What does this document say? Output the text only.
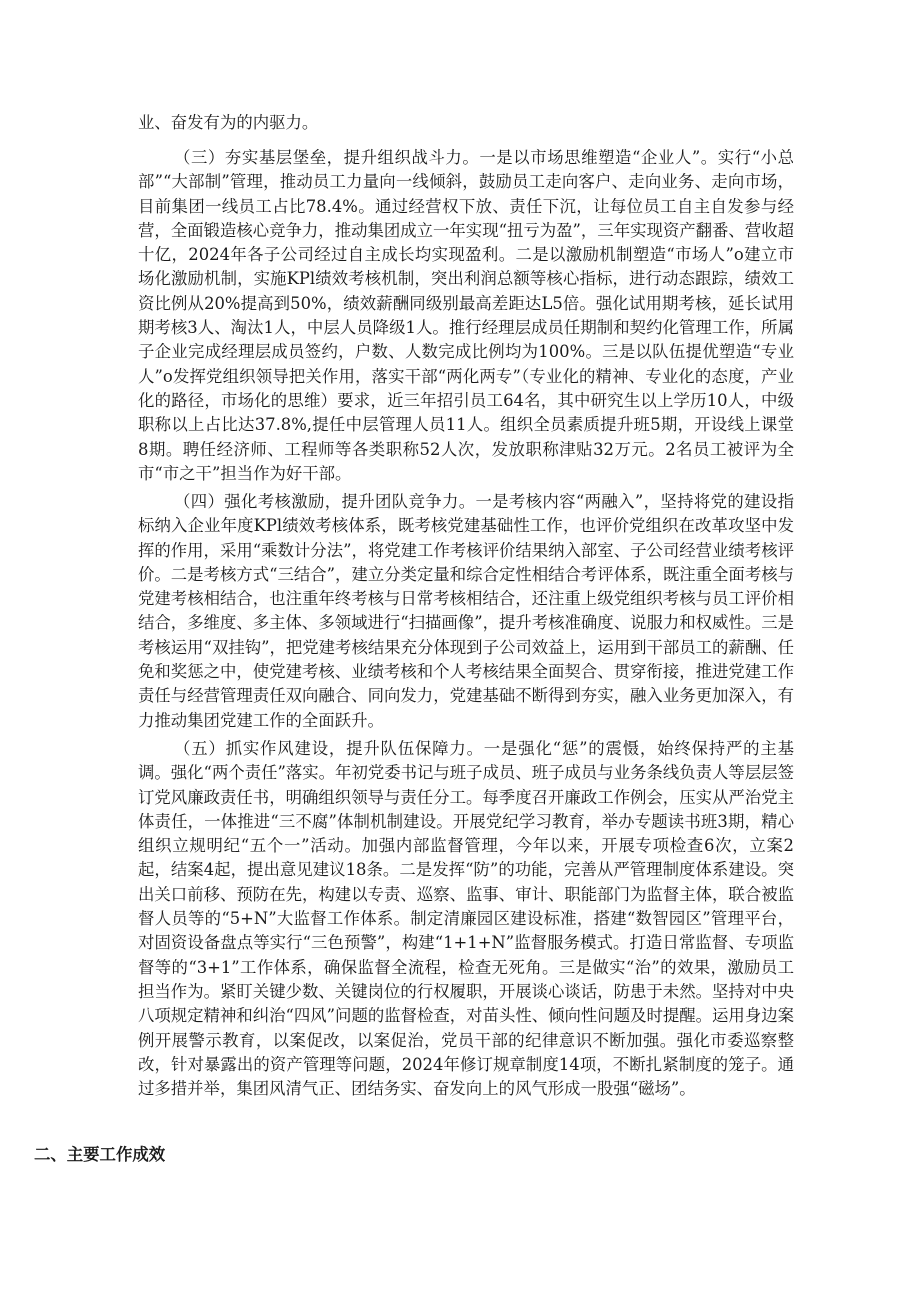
业、奋发有为的内驱力。

（三）夯实基层堡垒，提升组织战斗力。一是以市场思维塑造“企业人”。实行“小总部”“大部制”管理，推动员工力量向一线倾斜，鼓励员工走向客户、走向业务、走向市场，目前集团一线员工占比78.4%。通过经营权下放、责任下沉，让每位员工自主自发参与经营，全面锻造核心竞争力，推动集团成立一年实现“扭亏为盈”，三年实现资产翻番、营收超十亿，2024年各子公司经过自主成长均实现盈利。二是以激励机制塑造“市场人”o建立市场化激励机制，实施KPl绩效考核机制，突出利润总额等核心指标，进行动态跟踪，绩效工资比例从20%提高到50%，绩效薪酬同级别最高差距达L5倍。强化试用期考核，延长试用期考核3人、淘汰1人，中层人员降级1人。推行经理层成员任期制和契约化管理工作，所属子企业完成经理层成员签约，户数、人数完成比例均为100%。三是以队伍提优塑造“专业人”o发挥党组织领导把关作用，落实干部“两化两专”（专业化的精神、专业化的态度，产业化的路径，市场化的思维）要求，近三年招引员工64名，其中研究生以上学历10人，中级职称以上占比达37.8%,提任中层管理人员11人。组织全员素质提升班5期，开设线上课堂8期。聘任经济师、工程师等各类职称52人次，发放职称津贴32万元。2名员工被评为全市“市之干”担当作为好干部。

（四）强化考核激励，提升团队竞争力。一是考核内容“两融入”，坚持将党的建设指标纳入企业年度KPl绩效考核体系，既考核党建基础性工作，也评价党组织在改革攻坚中发挥的作用，采用“乘数计分法”，将党建工作考核评价结果纳入部室、子公司经营业绩考核评价。二是考核方式“三结合”，建立分类定量和综合定性相结合考评体系，既注重全面考核与党建考核相结合，也注重年终考核与日常考核相结合，还注重上级党组织考核与员工评价相结合，多维度、多主体、多领域进行“扫描画像”，提升考核准确度、说服力和权威性。三是考核运用“双挂钩”，把党建考核结果充分体现到子公司效益上，运用到干部员工的薪酬、任免和奖惩之中，使党建考核、业绩考核和个人考核结果全面契合、贯穿衔接，推进党建工作责任与经营管理责任双向融合、同向发力，党建基础不断得到夯实，融入业务更加深入，有力推动集团党建工作的全面跃升。

（五）抓实作风建设，提升队伍保障力。一是强化“惩”的震慑，始终保持严的主基调。强化“两个责任”落实。年初党委书记与班子成员、班子成员与业务条线负责人等层层签订党风廉政责任书，明确组织领导与责任分工。每季度召开廉政工作例会，压实从严治党主体责任，一体推进“三不腐”体制机制建设。开展党纪学习教育，举办专题读书班3期，精心组织立规明纪“五个一”活动。加强内部监督管理，今年以来，开展专项检查6次，立案2起，结案4起，提出意见建议18条。二是发挥“防”的功能，完善从严管理制度体系建设。突出关口前移、预防在先，构建以专责、巡察、监事、审计、职能部门为监督主体，联合被监督人员等的“5+N”大监督工作体系。制定清廉园区建设标准，搭建“数智园区”管理平台，对固资设备盘点等实行“三色预警”，构建“1+1+N”监督服务模式。打造日常监督、专项监督等的“3+1”工作体系，确保监督全流程，检查无死角。三是做实“治”的效果，激励员工担当作为。紧盯关键少数、关键岗位的行权履职，开展谈心谈话，防患于未然。坚持对中央八项规定精神和纠治“四风”问题的监督检查，对苗头性、倾向性问题及时提醒。运用身边案例开展警示教育，以案促改，以案促治，党员干部的纪律意识不断加强。强化市委巡察整改，针对暴露出的资产管理等问题，2024年修订规章制度14项，不断扎紧制度的笼子。通过多措并举，集团风清气正、团结务实、奋发向上的风气形成一股强“磁场”。

二、主要工作成效
